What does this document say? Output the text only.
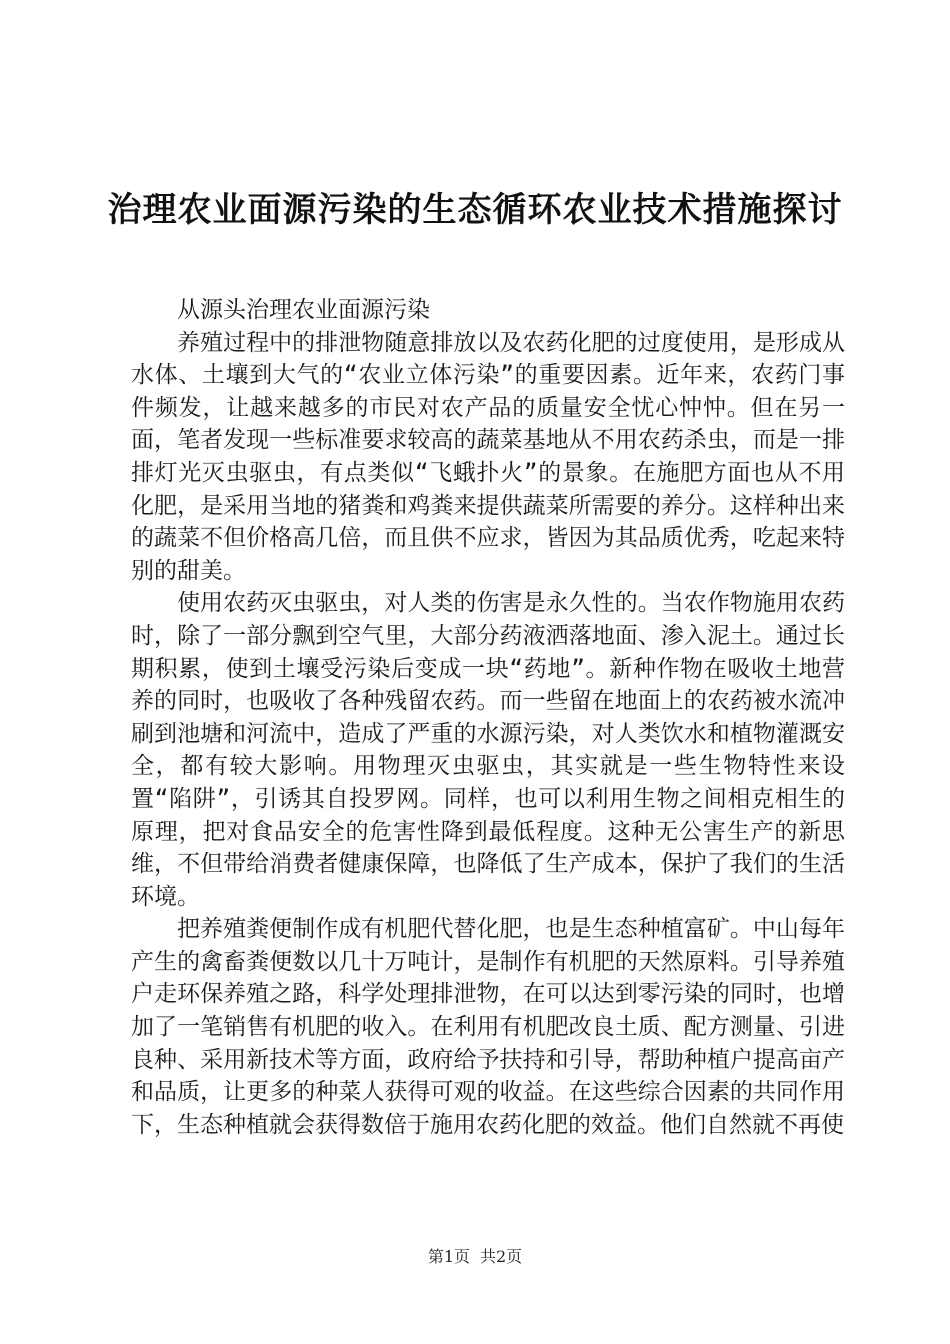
治理农业面源污染的生态循环农业技术措施探讨

从源头治理农业面源污染

养殖过程中的排泄物随意排放以及农药化肥的过度使用，是形成从水体、土壤到大气的“农业立体污染”的重要因素。近年来，农药门事件频发，让越来越多的市民对农产品的质量安全忧心忡忡。但在另一面，笔者发现一些标准要求较高的蔬菜基地从不用农药杀虫，而是一排排灯光灭虫驱虫，有点类似“飞蛾扑火”的景象。在施肥方面也从不用化肥，是采用当地的猪粪和鸡粪来提供蔬菜所需要的养分。这样种出来的蔬菜不但价格高几倍，而且供不应求，皆因为其品质优秀，吃起来特别的甜美。

使用农药灭虫驱虫，对人类的伤害是永久性的。当农作物施用农药时，除了一部分飘到空气里，大部分药液洒落地面、渗入泥土。通过长期积累，使到土壤受污染后变成一块“药地”。新种作物在吸收土地营养的同时，也吸收了各种残留农药。而一些留在地面上的农药被水流冲刷到池塘和河流中，造成了严重的水源污染，对人类饮水和植物灌溉安全，都有较大影响。用物理灭虫驱虫，其实就是一些生物特性来设置“陷阱”，引诱其自投罗网。同样，也可以利用生物之间相克相生的原理，把对食品安全的危害性降到最低程度。这种无公害生产的新思维，不但带给消费者健康保障，也降低了生产成本，保护了我们的生活环境。

把养殖粪便制作成有机肥代替化肥，也是生态种植富矿。中山每年产生的禽畜粪便数以几十万吨计，是制作有机肥的天然原料。引导养殖户走环保养殖之路，科学处理排泄物，在可以达到零污染的同时，也增加了一笔销售有机肥的收入。在利用有机肥改良土质、配方测量、引进良种、采用新技术等方面，政府给予扶持和引导，帮助种植户提高亩产和品质，让更多的种菜人获得可观的收益。在这些综合因素的共同作用下，生态种植就会获得数倍于施用农药化肥的效益。他们自然就不再使

第1页 共2页
